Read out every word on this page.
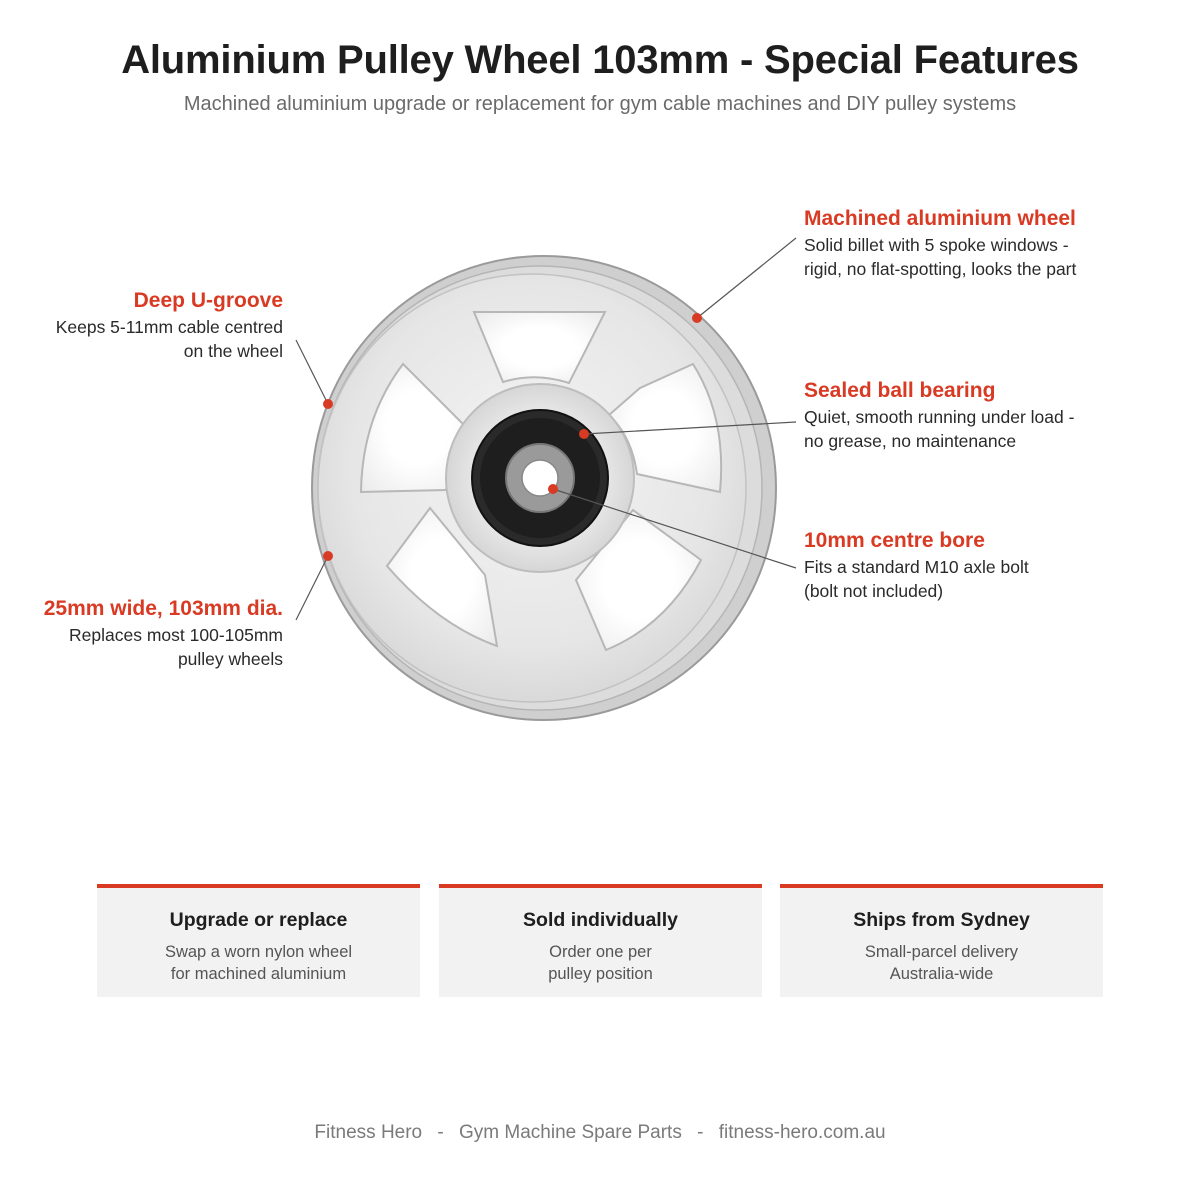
Aluminium Pulley Wheel 103mm - Special Features
Machined aluminium upgrade or replacement for gym cable machines and DIY pulley systems
Machined aluminium wheel
Solid billet with 5 spoke windows -
rigid, no flat-spotting, looks the part
Sealed ball bearing
Quiet, smooth running under load -
no grease, no maintenance
10mm centre bore
Fits a standard M10 axle bolt
(bolt not included)
Deep U-groove
Keeps 5-11mm cable centred
on the wheel
25mm wide, 103mm dia.
Replaces most 100-105mm
pulley wheels
Upgrade or replace
Swap a worn nylon wheel
for machined aluminium
Sold individually
Order one per
pulley position
Ships from Sydney
Small-parcel delivery
Australia-wide
Fitness Hero - Gym Machine Spare Parts - fitness-hero.com.au
